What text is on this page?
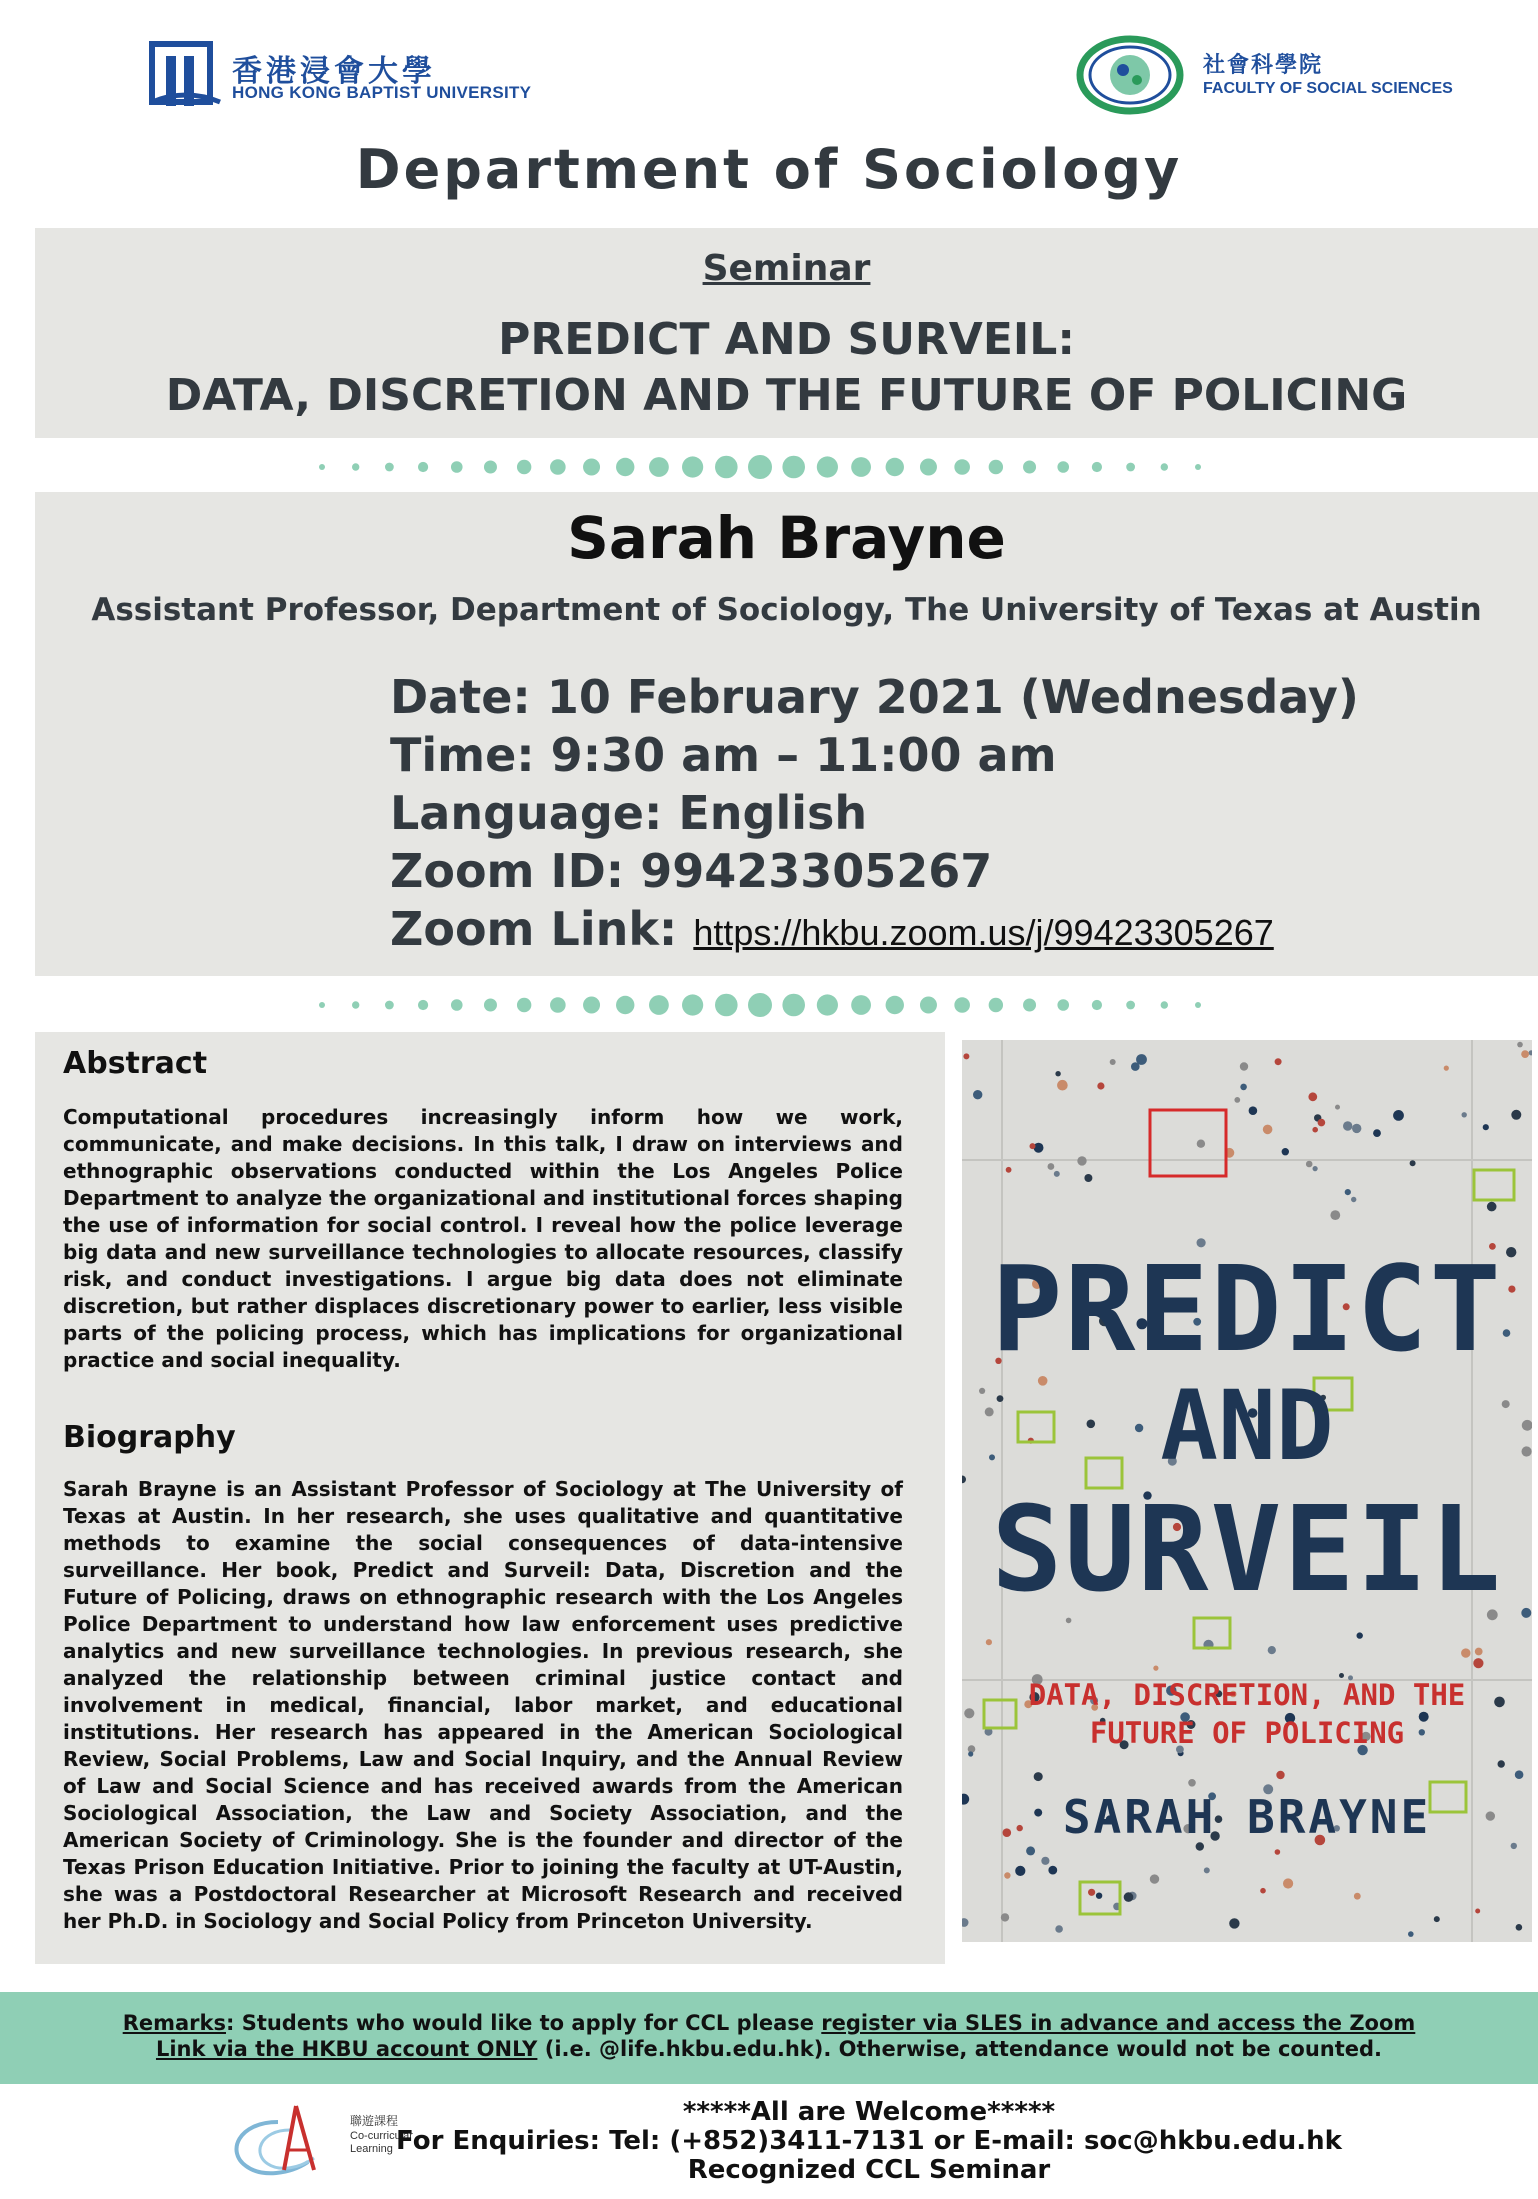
香港浸會大學
HONG KONG BAPTIST UNIVERSITY
社會科學院
FACULTY OF SOCIAL SCIENCES
Department of Sociology
Seminar
PREDICT AND SURVEIL:
DATA, DISCRETION AND THE FUTURE OF POLICING
Sarah Brayne
Assistant Professor, Department of Sociology, The University of Texas at Austin
Date: 10 February 2021 (Wednesday)
Time: 9:30 am – 11:00 am
Language: English
Zoom ID: 99423305267
Zoom Link: https://hkbu.zoom.us/j/99423305267
Abstract
Computational procedures increasingly inform how we work, communicate, and make decisions. In this talk, I draw on interviews and ethnographic observations conducted within the Los Angeles Police Department to analyze the organizational and institutional forces shaping the use of information for social control. I reveal how the police leverage big data and new surveillance technologies to allocate resources, classify risk, and conduct investigations. I argue big data does not eliminate discretion, but rather displaces discretionary power to earlier, less visible parts of the policing process, which has implications for organizational practice and social inequality.
Biography
Sarah Brayne is an Assistant Professor of Sociology at The University of Texas at Austin. In her research, she uses qualitative and quantitative methods to examine the social consequences of data-intensive surveillance. Her book, Predict and Surveil: Data, Discretion and the Future of Policing, draws on ethnographic research with the Los Angeles Police Department to understand how law enforcement uses predictive analytics and new surveillance technologies. In previous research, she analyzed the relationship between criminal justice contact and involvement in medical, financial, labor market, and educational institutions. Her research has appeared in the American Sociological Review, Social Problems, Law and Social Inquiry, and the Annual Review of Law and Social Science and has received awards from the American Sociological Association, the Law and Society Association, and the American Society of Criminology. She is the founder and director of the Texas Prison Education Initiative. Prior to joining the faculty at UT-Austin, she was a Postdoctoral Researcher at Microsoft Research and received her Ph.D. in Sociology and Social Policy from Princeton University.
PREDICT
AND
SURVEIL
DATA, DISCRETION, AND THE
FUTURE OF POLICING
SARAH BRAYNE
Remarks: Students who would like to apply for CCL please register via SLES in advance and access the Zoom Link via the HKBU account ONLY (i.e. @life.hkbu.edu.hk). Otherwise, attendance would not be counted.
聯遊課程
Co-curricular
Learning
*****All are Welcome*****
For Enquiries: Tel: (+852)3411-7131 or E-mail: soc@hkbu.edu.hk
Recognized CCL Seminar
